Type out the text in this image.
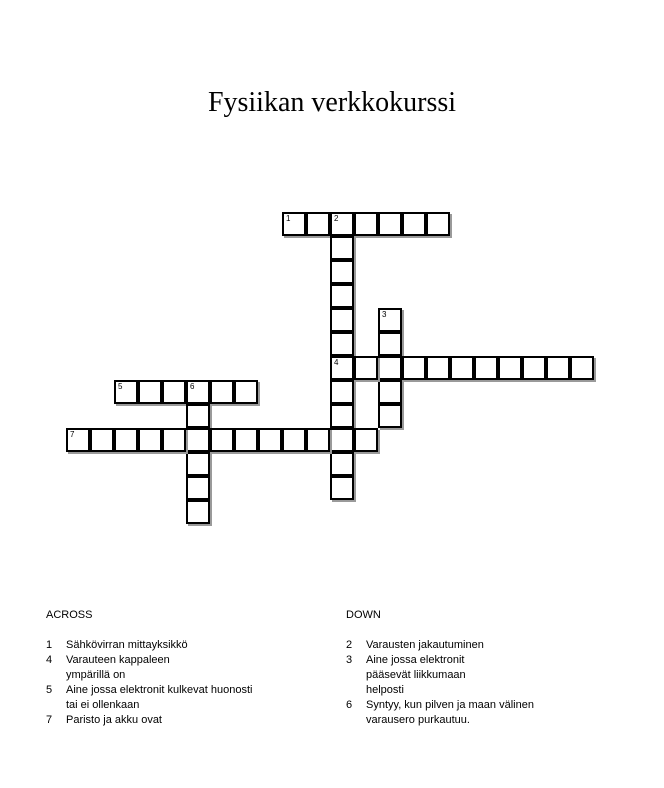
Fysiikan verkkokurssi
1	2
4
3
5	6
7
ACROSS
1	Sähkövirran mittayksikkö
4	Varauteen kappaleen ympärillä on
5	Aine jossa elektronit kulkevat huonosti tai ei ollenkaan
7	Paristo ja akku ovat
DOWN
2	Varausten jakautuminen
3	Aine jossa elektronit pääsevät liikkumaan helposti
6	Syntyy, kun pilven ja maan välinen varausero purkautuu.
